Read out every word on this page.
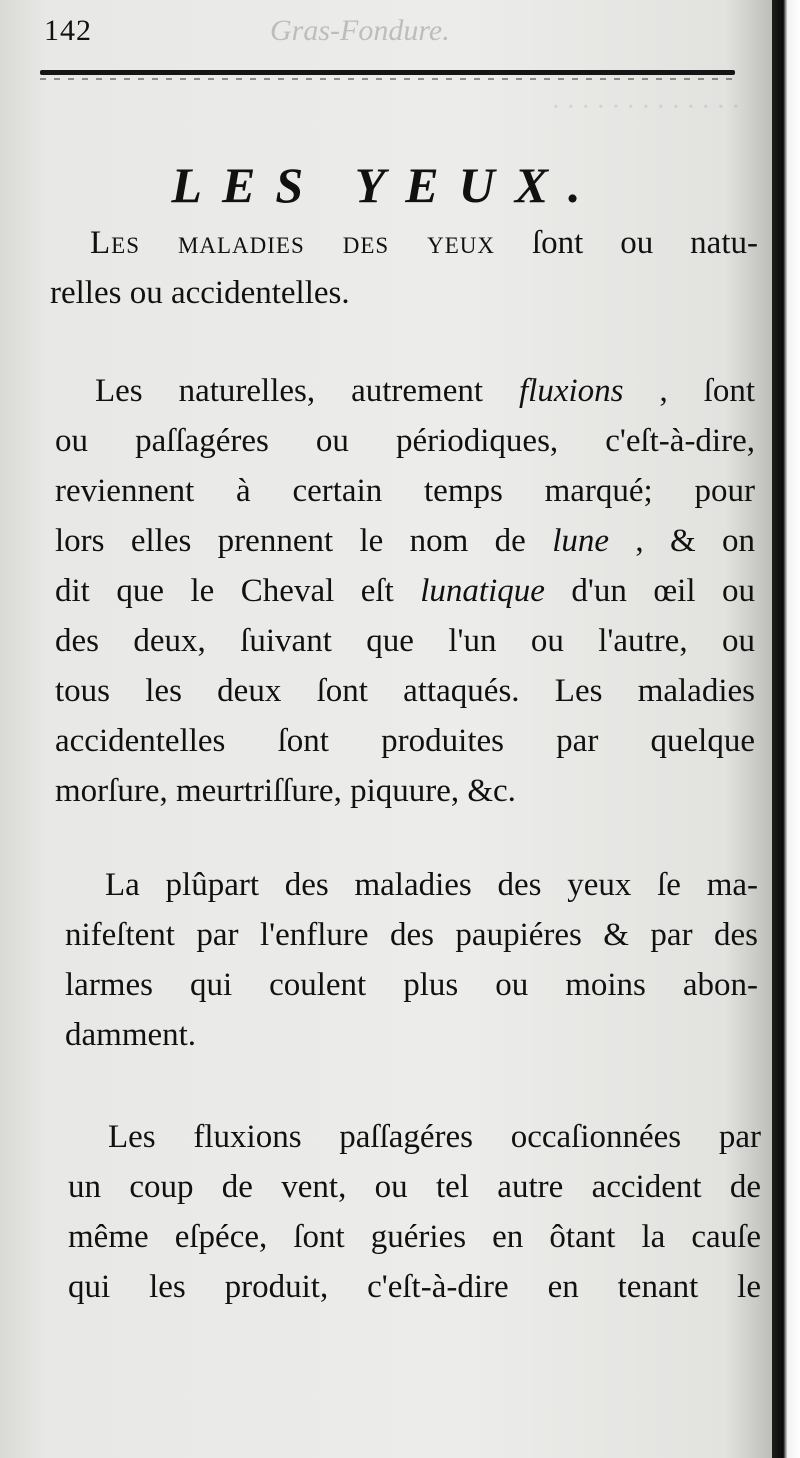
· · · · · · · · · · · · ·
142	Gras-Fondure.
LES YEUX.

Les maladies des yeux ſont ou natu-
relles ou accidentelles.

Les naturelles, autrement fluxions , ſont
ou paſſagéres ou périodiques, c'eſt-à-dire,
reviennent à certain temps marqué; pour
lors elles prennent le nom de lune , & on
dit que le Cheval eſt lunatique d'un œil ou
des deux, ſuivant que l'un ou l'autre, ou
tous les deux ſont attaqués. Les maladies
accidentelles ſont produites par quelque
morſure, meurtriſſure, piquure, &c.

La plûpart des maladies des yeux ſe ma-
nifeſtent par l'enflure des paupiéres & par des
larmes qui coulent plus ou moins abon-
damment.

Les fluxions paſſagéres occaſionnées par
un coup de vent, ou tel autre accident de
même eſpéce, ſont guéries en ôtant la cauſe
qui les produit, c'eſt-à-dire en tenant le
